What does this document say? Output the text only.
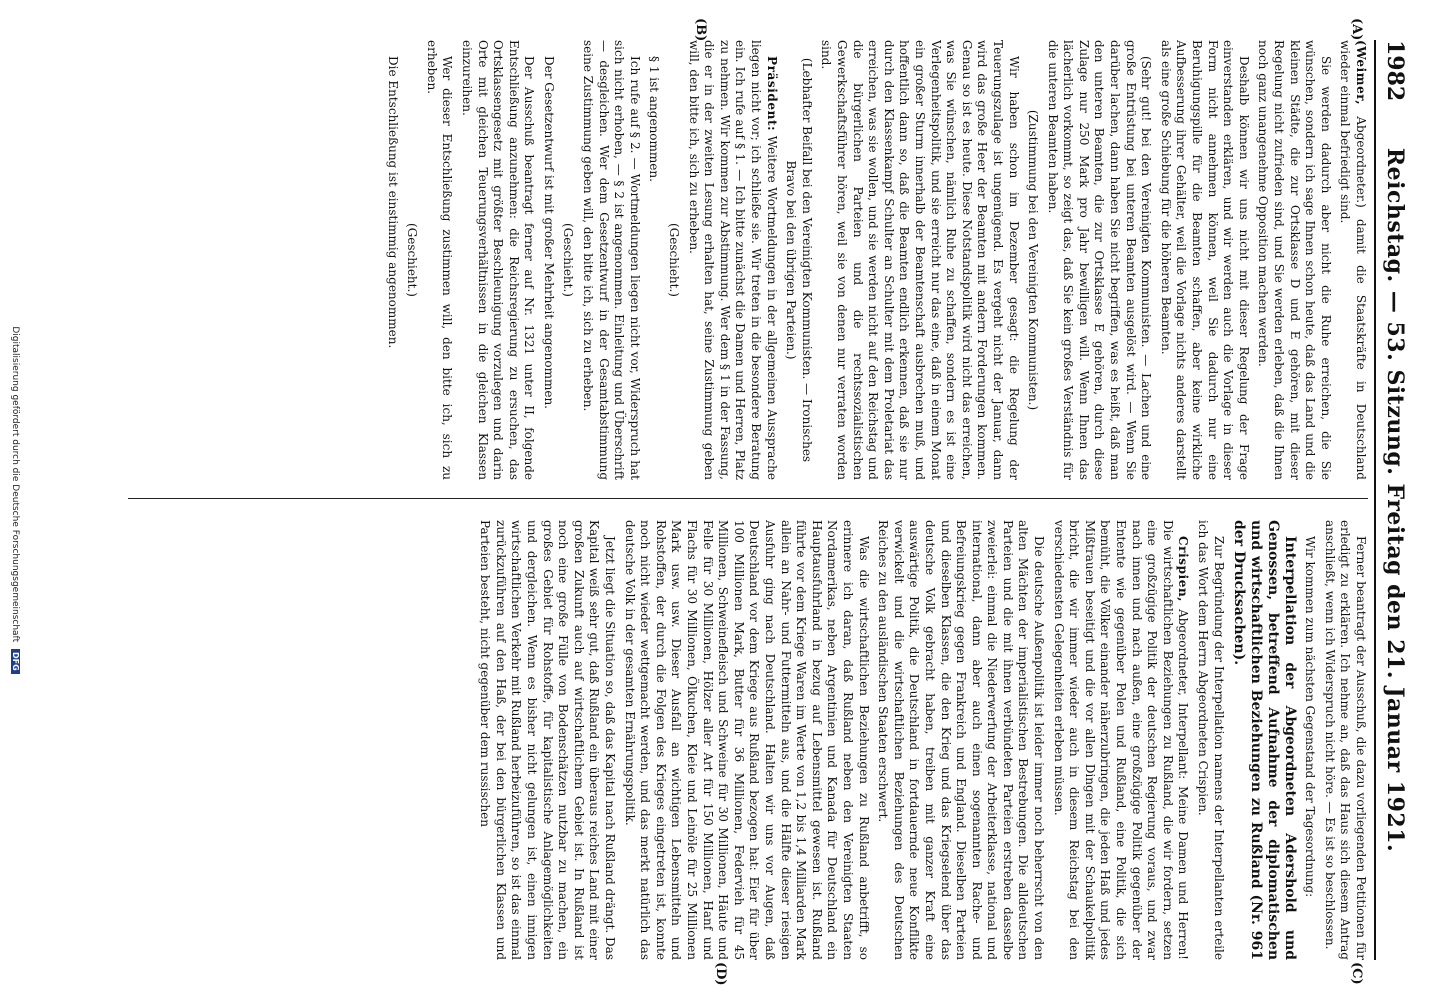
1982
Reichstag. — 53. Sitzung. Freitag den 21. Januar 1921.
(A)
(B)
(C)
(D)

(Weimer, Abgeordneter.) damit die Staatskräfte in Deutschland wieder einmal befriedigt sind.

Sie werden dadurch aber nicht die Ruhe erreichen, die Sie wünschen, sondern ich sage Ihnen schon heute, daß das Land und die kleinen Städte, die zur Ortsklasse D und E gehören, mit dieser Regelung nicht zufrieden sind, und Sie werden erleben, daß die Ihnen noch ganz unangenehme Opposition machen werden.

Deshalb können wir uns nicht mit dieser Regelung der Frage einverstanden erklären, und wir werden auch die Vorlage in dieser Form nicht annehmen können, weil Sie dadurch nur eine Beruhigungspille für die Beamten schaffen, aber keine wirkliche Aufbesserung ihrer Gehälter, weil die Vorlage nichts anderes darstellt als eine große Schiebung für die höheren Beamten.

(Sehr gut! bei den Vereinigten Kommunisten. — Lachen und eine große Entrüstung bei unteren Beamten ausgelöst wird. — Wenn Sie darüber lachen, dann haben Sie nicht begriffen, was es heißt, daß man den unteren Beamten, die zur Ortsklasse E gehören, durch diese Zulage nur 250 Mark pro Jahr bewilligen will. Wenn Ihnen das lächerlich vorkommt, so zeigt das, daß Sie kein großes Verständnis für die unteren Beamten haben.

(Zustimmung bei den Vereinigten Kommunisten.)

Wir haben schon im Dezember gesagt: die Regelung der Teuerungszulage ist ungenügend. Es vergeht nicht der Januar, dann wird das große Heer der Beamten mit andern Forderungen kommen. Genau so ist es heute. Diese Notstandspolitik wird nicht das erreichen, was Sie wünschen, nämlich Ruhe zu schaffen, sondern es ist eine Verlegenheitspolitik, und sie erreicht nur das eine, daß in einem Monat ein großer Sturm innerhalb der Beamtenschaft ausbrechen muß, und hoffentlich dann so, daß die Beamten endlich erkennen, daß sie nur durch den Klassenkampf Schulter an Schulter mit dem Proletariat das erreichen, was sie wollen, und sie werden nicht auf den Reichstag und die bürgerlichen Parteien und die rechtssozialistischen Gewerkschaftsführer hören, weil sie von denen nur verraten worden sind.

(Lebhafter Beifall bei den Vereinigten Kommunisten. — Ironisches Bravo bei den übrigen Parteien.)

Präsident: Weitere Wortmeldungen in der allgemeinen Aussprache liegen nicht vor; ich schließe sie. Wir treten in die besondere Beratung ein. Ich rufe auf § 1. — Ich bitte zunächst die Damen und Herren, Platz zu nehmen. Wir kommen zur Abstimmung. Wer dem § 1 in der Fassung, die er in der zweiten Lesung erhalten hat, seine Zustimmung geben will, den bitte ich, sich zu erheben.

(Geschieht.)

§ 1 ist angenommen.

Ich rufe auf § 2. — Wortmeldungen liegen nicht vor, Widerspruch hat sich nicht erhoben, — § 2 ist angenommen. Einleitung und Überschrift — desgleichen. Wer dem Gesetzentwurf in der Gesamtabstimmung seine Zustimmung geben will, den bitte ich, sich zu erheben.

(Geschieht.)

Der Gesetzentwurf ist mit großer Mehrheit angenommen.

Der Ausschuß beantragt ferner auf Nr. 1321 unter II, folgende Entschließung anzunehmen: die Reichsregierung zu ersuchen, das Ortsklassengesetz mit größter Beschleunigung vorzulegen und darin Orte mit gleichen Teuerungsverhältnissen in die gleichen Klassen einzureihen.

Wer dieser Entschließung zustimmen will, den bitte ich, sich zu erheben.

(Geschieht.)

Die Entschließung ist einstimmig angenommen.

Ferner beantragt der Ausschuß, die dazu vorliegenden Petitionen für erledigt zu erklären. Ich nehme an, daß das Haus sich diesem Antrag anschließt, wenn ich Widerspruch nicht höre. — Es ist so beschlossen.

Wir kommen zum nächsten Gegenstand der Tagesordnung:

Interpellation der Abgeordneten Adershold und Genossen, betreffend Aufnahme der diplomatischen und wirtschaftlichen Beziehungen zu Rußland (Nr. 961 der Drucksachen).

Zur Begründung der Interpellation namens der Interpellanten erteile ich das Wort dem Herrn Abgeordneten Crispien.

Crispien, Abgeordneter, Interpellant: Meine Damen und Herren! Die wirtschaftlichen Beziehungen zu Rußland, die wir fordern, setzen eine großzügige Politik der deutschen Regierung voraus, und zwar nach innen und nach außen, eine großzügige Politik gegenüber der Entente wie gegenüber Polen und Rußland, eine Politik, die sich bemüht, die Völker einander näherzubringen, die jeden Haß und jedes Mißtrauen beseitigt und die vor allen Dingen mit der Schaukelpolitik bricht, die wir immer wieder auch in diesem Reichstag bei den verschiedensten Gelegenheiten erleben müssen.

Die deutsche Außenpolitik ist leider immer noch beherrscht von den alten Mächten der imperialistischen Bestrebungen. Die alldeutschen Parteien und die mit ihnen verbündeten Parteien erstreben dasselbe zweierlei: einmal die Niederwerfung der Arbeiterklasse, national und international, dann aber auch einen sogenannten Rache- und Befreiungskrieg gegen Frankreich und England. Dieselben Parteien und dieselben Klassen, die den Krieg und das Kriegselend über das deutsche Volk gebracht haben, treiben mit ganzer Kraft eine auswärtige Politik, die Deutschland in fortdauernde neue Konflikte verwickelt und die wirtschaftlichen Beziehungen des Deutschen Reiches zu den ausländischen Staaten erschwert.

Was die wirtschaftlichen Beziehungen zu Rußland anbetrifft, so erinnere ich daran, daß Rußland neben den Vereinigten Staaten Nordamerikas, neben Argentinien und Kanada für Deutschland ein Hauptausfuhrland in bezug auf Lebensmittel gewesen ist. Rußland führte vor dem Kriege Waren im Werte von 1,2 bis 1,4 Milliarden Mark allein an Nahr- und Futtermitteln aus, und die Hälfte dieser riesigen Ausfuhr ging nach Deutschland. Halten wir uns vor Augen, daß Deutschland vor dem Kriege aus Rußland bezogen hat: Eier für über 100 Millionen Mark, Butter für 36 Millionen, Federvieh für 45 Millionen, Schweinefleisch und Schweine für 30 Millionen, Häute und Felle für 30 Millionen, Hölzer aller Art für 150 Millionen, Hanf und Flachs für 30 Millionen, Ölkuchen, Kleie und Leinöle für 25 Millionen Mark usw. usw. Dieser Ausfall an wichtigen Lebensmitteln und Rohstoffen, der durch die Folgen des Krieges eingetreten ist, konnte noch nicht wieder wettgemacht werden, und das merkt natürlich das deutsche Volk in der gesamten Ernährungspolitik.

Jetzt liegt die Situation so, daß das Kapital nach Rußland drängt. Das Kapital weiß sehr gut, daß Rußland ein überaus reiches Land mit einer großen Zukunft auch auf wirtschaftlichem Gebiet ist. In Rußland ist noch eine große Fülle von Bodenschätzen nutzbar zu machen, ein großes Gebiet für Rohstoffe, für kapitalistische Anlagemöglichkeiten und dergleichen. Wenn es bisher nicht gelungen ist, einen innigen wirtschaftlichen Verkehr mit Rußland herbeizuführen, so ist das einmal zurückzuführen auf den Haß, der bei den bürgerlichen Klassen und Parteien besteht, nicht gegenüber dem russischen

Digitalisierung gefördert durch die Deutsche Forschungsgemeinschaft DFG
